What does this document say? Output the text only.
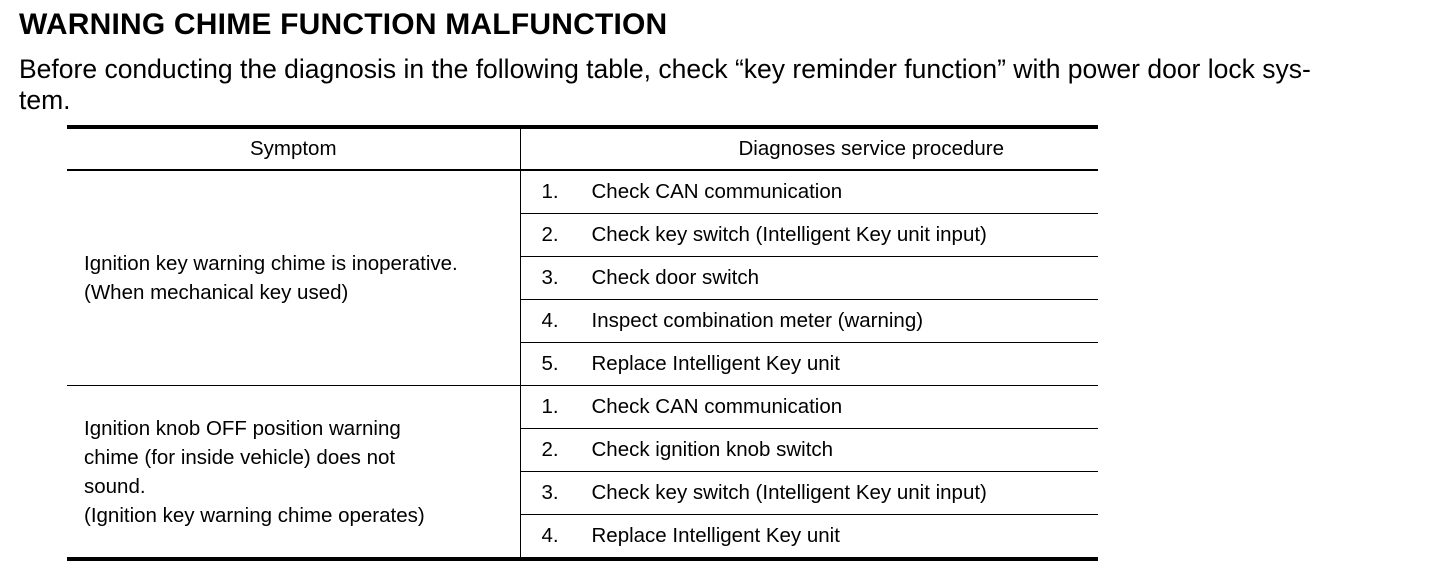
WARNING CHIME FUNCTION MALFUNCTION
Before conducting the diagnosis in the following table, check “key reminder function” with power door lock sys-
tem.
Symptom	Diagnoses service procedure

Ignition key warning chime is inoperative.
(When mechanical key used)	1. Check CAN communication
	2. Check key switch (Intelligent Key unit input)
	3. Check door switch
	4. Inspect combination meter (warning)
	5. Replace Intelligent Key unit

Ignition knob OFF position warning
chime (for inside vehicle) does not
sound.
(Ignition key warning chime operates)	1. Check CAN communication
	2. Check ignition knob switch
	3. Check key switch (Intelligent Key unit input)
	4. Replace Intelligent Key unit
